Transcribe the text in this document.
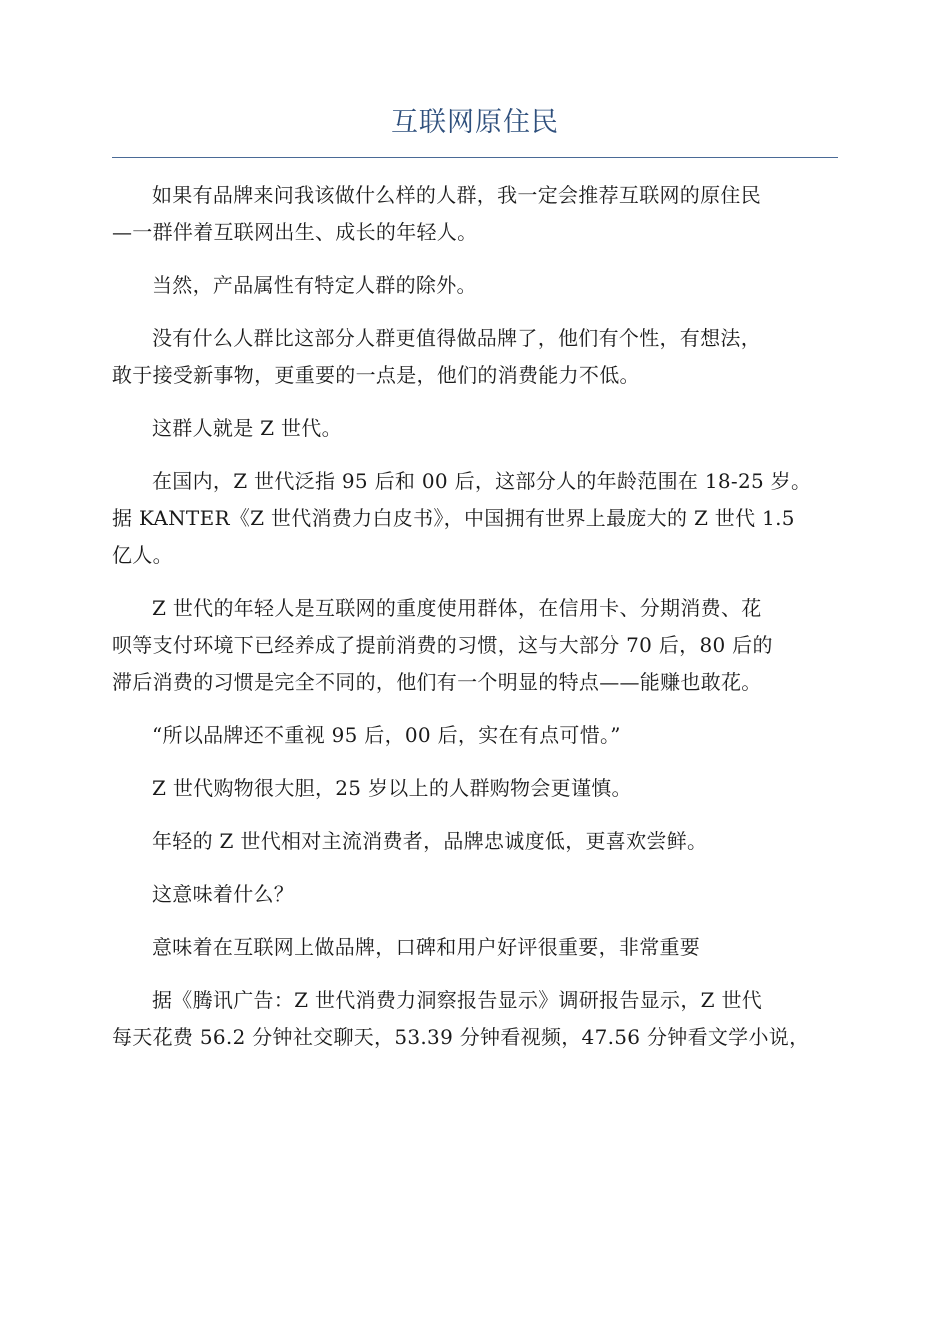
互联网原住民

如果有品牌来问我该做什么样的人群，我一定会推荐互联网的原住民
—一群伴着互联网出生、成长的年轻人。

当然，产品属性有特定人群的除外。

没有什么人群比这部分人群更值得做品牌了，他们有个性，有想法，
敢于接受新事物，更重要的一点是，他们的消费能力不低。

这群人就是 Z 世代。

在国内，Z 世代泛指 95 后和 00 后，这部分人的年龄范围在 18-25 岁。
据 KANTER《Z 世代消费力白皮书》，中国拥有世界上最庞大的 Z 世代 1.5
亿人。

Z 世代的年轻人是互联网的重度使用群体，在信用卡、分期消费、花
呗等支付环境下已经养成了提前消费的习惯，这与大部分 70 后，80 后的
滞后消费的习惯是完全不同的，他们有一个明显的特点——能赚也敢花。

“所以品牌还不重视 95 后，00 后，实在有点可惜。”

Z 世代购物很大胆，25 岁以上的人群购物会更谨慎。

年轻的 Z 世代相对主流消费者，品牌忠诚度低，更喜欢尝鲜。

这意味着什么？

意味着在互联网上做品牌，口碑和用户好评很重要，非常重要

据《腾讯广告：Z 世代消费力洞察报告显示》调研报告显示，Z 世代
每天花费 56.2 分钟社交聊天，53.39 分钟看视频，47.56 分钟看文学小说，
